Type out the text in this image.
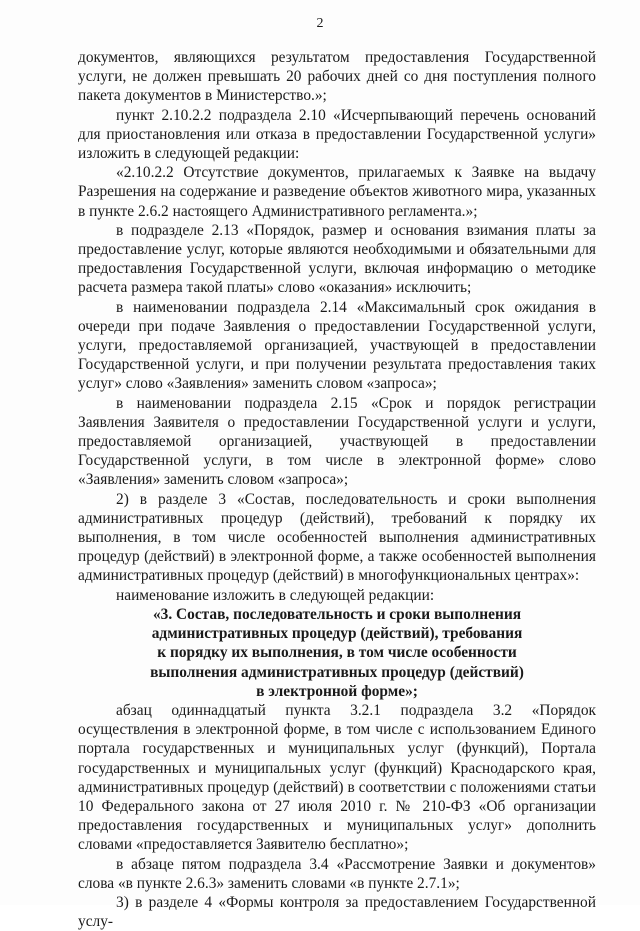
2

документов, являющихся результатом предоставления Государственной услуги, не должен превышать 20 рабочих дней со дня поступления полного пакета документов в Министерство.»;

пункт 2.10.2.2 подраздела 2.10 «Исчерпывающий перечень оснований для приостановления или отказа в предоставлении Государственной услуги» изложить в следующей редакции:

«2.10.2.2 Отсутствие документов, прилагаемых к Заявке на выдачу Разрешения на содержание и разведение объектов животного мира, указанных в пункте 2.6.2 настоящего Административного регламента.»;

в подразделе 2.13 «Порядок, размер и основания взимания платы за предоставление услуг, которые являются необходимыми и обязательными для предоставления Государственной услуги, включая информацию о методике расчета размера такой платы» слово «оказания» исключить;

в наименовании подраздела 2.14 «Максимальный срок ожидания в очереди при подаче Заявления о предоставлении Государственной услуги, услуги, предоставляемой организацией, участвующей в предоставлении Государственной услуги, и при получении результата предоставления таких услуг» слово «Заявления» заменить словом «запроса»;

в наименовании подраздела 2.15 «Срок и порядок регистрации Заявления Заявителя о предоставлении Государственной услуги и услуги, предоставляемой организацией, участвующей в предоставлении Государственной услуги, в том числе в электронной форме» слово «Заявления» заменить словом «запроса»;

2) в разделе 3 «Состав, последовательность и сроки выполнения административных процедур (действий), требований к порядку их выполнения, в том числе особенностей выполнения административных процедур (действий) в электронной форме, а также особенностей выполнения административных процедур (действий) в многофункциональных центрах»:

наименование изложить в следующей редакции:

«3. Состав, последовательность и сроки выполнения
административных процедур (действий), требования
к порядку их выполнения, в том числе особенности
выполнения административных процедур (действий)
в электронной форме»;

абзац одиннадцатый пункта 3.2.1 подраздела 3.2 «Порядок осуществления в электронной форме, в том числе с использованием Единого портала государственных и муниципальных услуг (функций), Портала государственных и муниципальных услуг (функций) Краснодарского края, административных процедур (действий) в соответствии с положениями статьи 10 Федерального закона от 27 июля 2010 г. № 210-ФЗ «Об организации предоставления государственных и муниципальных услуг» дополнить словами «предоставляется Заявителю бесплатно»;

в абзаце пятом подраздела 3.4 «Рассмотрение Заявки и документов» слова «в пункте 2.6.3» заменить словами «в пункте 2.7.1»;

3) в разделе 4 «Формы контроля за предоставлением Государственной услу-
